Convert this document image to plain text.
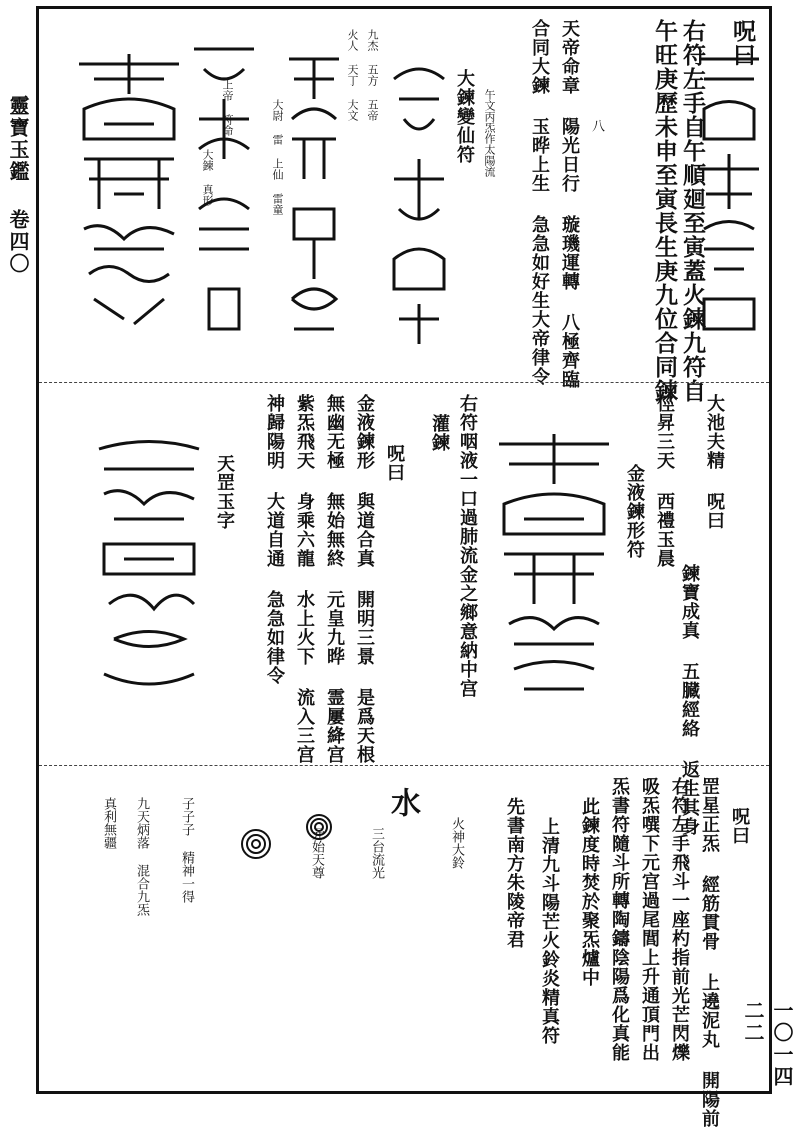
靈寶玉鑑 卷四〇
一〇一四二二
呪曰
右符左手自午順廻至寅蓋火鍊九符自
午旺庚歷未申至寅長生庚九位合同鍊
八
天帝命章 陽光日行 璇璣運轉 八極齊臨
合同大鍊 玉晔上生 急急如好生大帝律令
大鍊變仙符 午文丙炁作太陽流
九杰 五方 五帝
火人 天丁 大文
大尉 雷 上仙 雷童
上帝 符命
大鍊 真形
大池夫精 呪曰
俓昇三天 西禮玉晨
金液鍊形符
鍊寶成真 五臓經絡 返生其身
右符咽液一口過肺流金之鄉意納中宫
灌鍊
呪曰
金液鍊形 與道合真 開明三景 是爲天根
無幽无極 無始無終 元皇九晔 霊屢絳宫
紫炁飛天 身乘六龍 水上火下 流入三宫
神歸陽明 大道自通 急急如律令
天罡玉字
呪曰
罡星正炁 經筋貫骨 上遶泥丸 開陽前
右符左手飛斗一座杓指前光芒閃爍
吸炁噀下元宫過尾閭上升通頂門出
炁書符隨斗所轉陶鑄陰陽爲化真能
此鍊度時焚於聚炁爐中
上清九斗陽芒火鈴炎精真符
先書南方朱陵帝君
火神大鈴
水
三台流光
元始天尊
子子子 精神一得
九天炳落 混合九炁
真利無疆
